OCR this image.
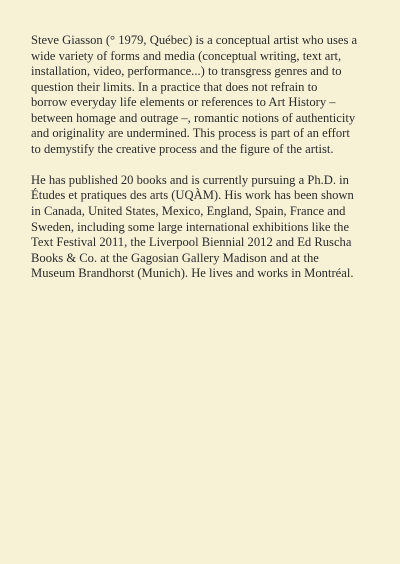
Steve Giasson (° 1979, Québec) is a conceptual artist who uses a
wide variety of forms and media (conceptual writing, text art,
installation, video, performance...) to transgress genres and to
question their limits. In a practice that does not refrain to
borrow everyday life elements or references to Art History –
between homage and outrage –, romantic notions of authenticity
and originality are undermined. This process is part of an effort
to demystify the creative process and the figure of the artist.
He has published 20 books and is currently pursuing a Ph.D. in
Études et pratiques des arts (UQÀM). His work has been shown
in Canada, United States, Mexico, England, Spain, France and
Sweden, including some large international exhibitions like the
Text Festival 2011, the Liverpool Biennial 2012 and Ed Ruscha
Books & Co. at the Gagosian Gallery Madison and at the
Museum Brandhorst (Munich). He lives and works in Montréal.
